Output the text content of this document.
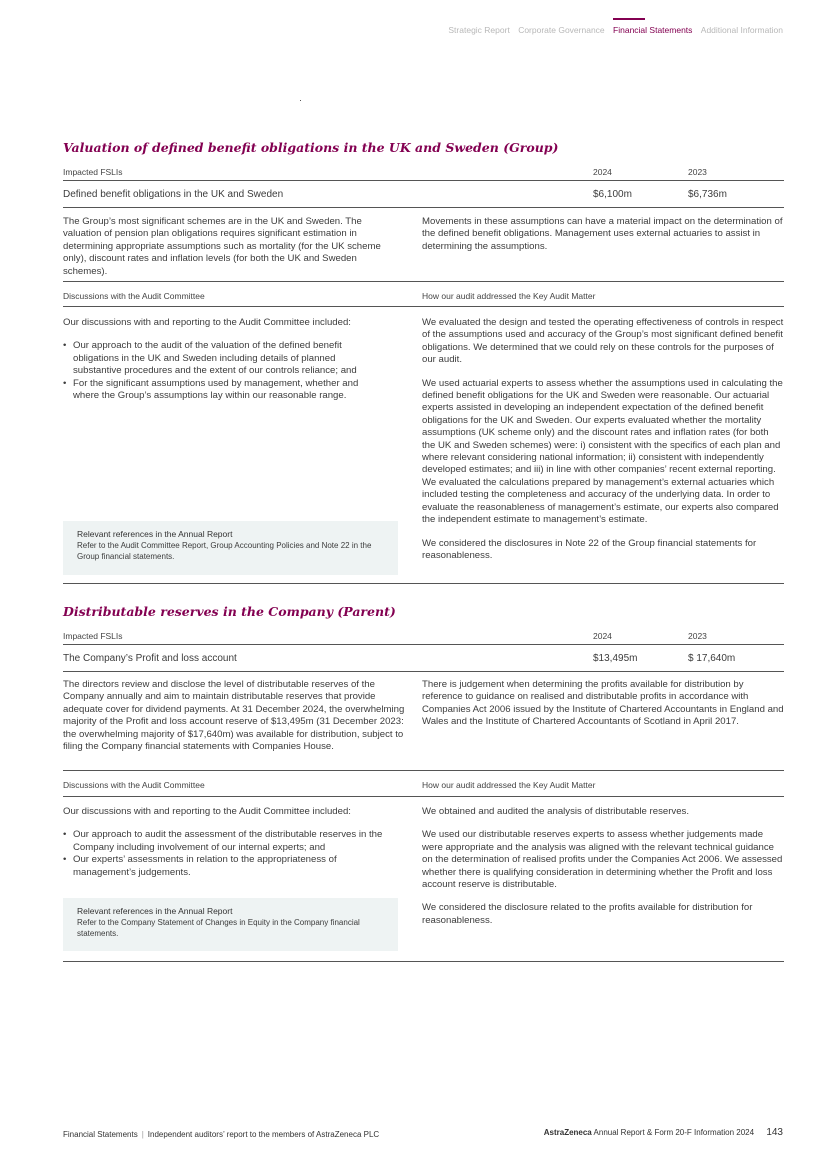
Strategic Report Corporate Governance Financial Statements Additional Information
Valuation of defined benefit obligations in the UK and Sweden (Group)
Impacted FSLIs	2024	2023
Defined benefit obligations in the UK and Sweden	$6,100m	$6,736m
The Group’s most significant schemes are in the UK and Sweden. The valuation of pension plan obligations requires significant estimation in determining appropriate assumptions such as mortality (for the UK scheme only), discount rates and inflation levels (for both the UK and Sweden schemes).
Movements in these assumptions can have a material impact on the determination of the defined benefit obligations. Management uses external actuaries to assist in determining the assumptions.
Discussions with the Audit Committee	How our audit addressed the Key Audit Matter

Our discussions with and reporting to the Audit Committee included:

• Our approach to the audit of the valuation of the defined benefit obligations in the UK and Sweden including details of planned substantive procedures and the extent of our controls reliance; and
• For the significant assumptions used by management, whether and where the Group’s assumptions lay within our reasonable range.
Relevant references in the Annual Report
Refer to the Audit Committee Report, Group Accounting Policies and Note 22 in the Group financial statements.

We evaluated the design and tested the operating effectiveness of controls in respect of the assumptions used and accuracy of the Group’s most significant defined benefit obligations. We determined that we could rely on these controls for the purposes of our audit.

We used actuarial experts to assess whether the assumptions used in calculating the defined benefit obligations for the UK and Sweden were reasonable. Our actuarial experts assisted in developing an independent expectation of the defined benefit obligations for the UK and Sweden. Our experts evaluated whether the mortality assumptions (UK scheme only) and the discount rates and inflation rates (for both the UK and Sweden schemes) were: i) consistent with the specifics of each plan and where relevant considering national information; ii) consistent with independently developed estimates; and iii) in line with other companies’ recent external reporting. We evaluated the calculations prepared by management’s external actuaries which included testing the completeness and accuracy of the underlying data. In order to evaluate the reasonableness of management’s estimate, our experts also compared the independent estimate to management’s estimate.

We considered the disclosures in Note 22 of the Group financial statements for reasonableness.

Distributable reserves in the Company (Parent)
Impacted FSLIs	2024	2023
The Company’s Profit and loss account	$13,495m	$ 17,640m
The directors review and disclose the level of distributable reserves of the Company annually and aim to maintain distributable reserves that provide adequate cover for dividend payments. At 31 December 2024, the overwhelming majority of the Profit and loss account reserve of $13,495m (31 December 2023: the overwhelming majority of $17,640m) was available for distribution, subject to filing the Company financial statements with Companies House.
There is judgement when determining the profits available for distribution by reference to guidance on realised and distributable profits in accordance with Companies Act 2006 issued by the Institute of Chartered Accountants in England and Wales and the Institute of Chartered Accountants of Scotland in April 2017.
Discussions with the Audit Committee	How our audit addressed the Key Audit Matter

Our discussions with and reporting to the Audit Committee included:

• Our approach to audit the assessment of the distributable reserves in the Company including involvement of our internal experts; and
• Our experts’ assessments in relation to the appropriateness of management’s judgements.
Relevant references in the Annual Report
Refer to the Company Statement of Changes in Equity in the Company financial statements.

We obtained and audited the analysis of distributable reserves.

We used our distributable reserves experts to assess whether judgements made were appropriate and the analysis was aligned with the relevant technical guidance on the determination of realised profits under the Companies Act 2006. We assessed whether there is qualifying consideration in determining whether the Profit and loss account reserve is distributable.

We considered the disclosure related to the profits available for distribution for reasonableness.

Financial Statements | Independent auditors’ report to the members of AstraZeneca PLC	AstraZeneca Annual Report & Form 20-F Information 2024 143
